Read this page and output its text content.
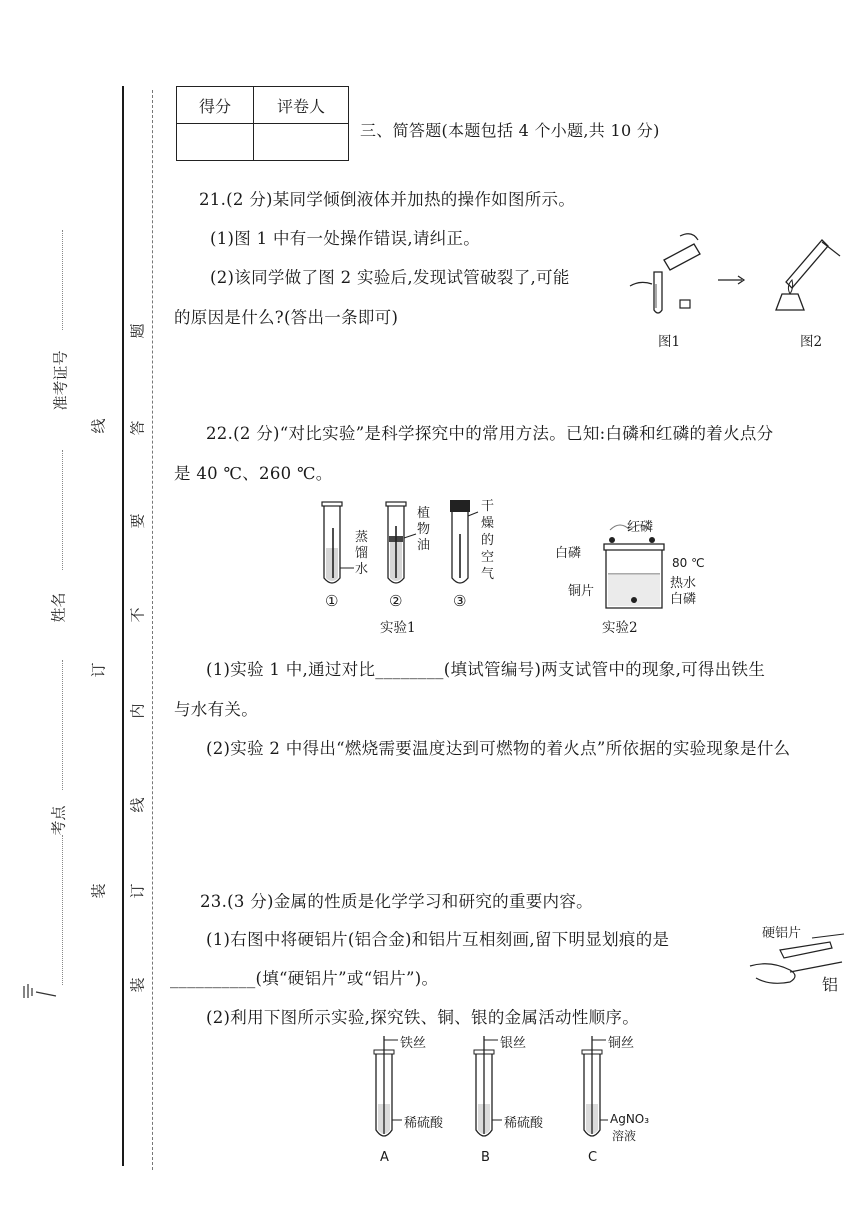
准考证号
姓名
考点
线
订
装
题
答
要
不
内
线
订
装
得分	评卷人

三、简答题(本题包括 4 个小题,共 10 分)
21.(2 分)某同学倾倒液体并加热的操作如图所示。
(1)图 1 中有一处操作错误,请纠正。
(2)该同学做了图 2 实验后,发现试管破裂了,可能
的原因是什么?(答出一条即可)
图1	图2
22.(2 分)“对比实验”是科学探究中的常用方法。已知:白磷和红磷的着火点分
是 40 ℃、260 ℃。
蒸馏水
植物油
干燥的空气
①	②	③
实验1
红磷
白磷
铜片
80 ℃
热水
白磷
实验2
(1)实验 1 中,通过对比________(填试管编号)两支试管中的现象,可得出铁生
与水有关。
(2)实验 2 中得出“燃烧需要温度达到可燃物的着火点”所依据的实验现象是什么
23.(3 分)金属的性质是化学学习和研究的重要内容。
(1)右图中将硬铝片(铝合金)和铝片互相刻画,留下明显划痕的是
__________(填“硬铝片”或“铝片”)。
(2)利用下图所示实验,探究铁、铜、银的金属活动性顺序。
硬铝片
铝
铁丝
稀硫酸
A
银丝
稀硫酸
B
铜丝
AgNO₃
溶液
C
